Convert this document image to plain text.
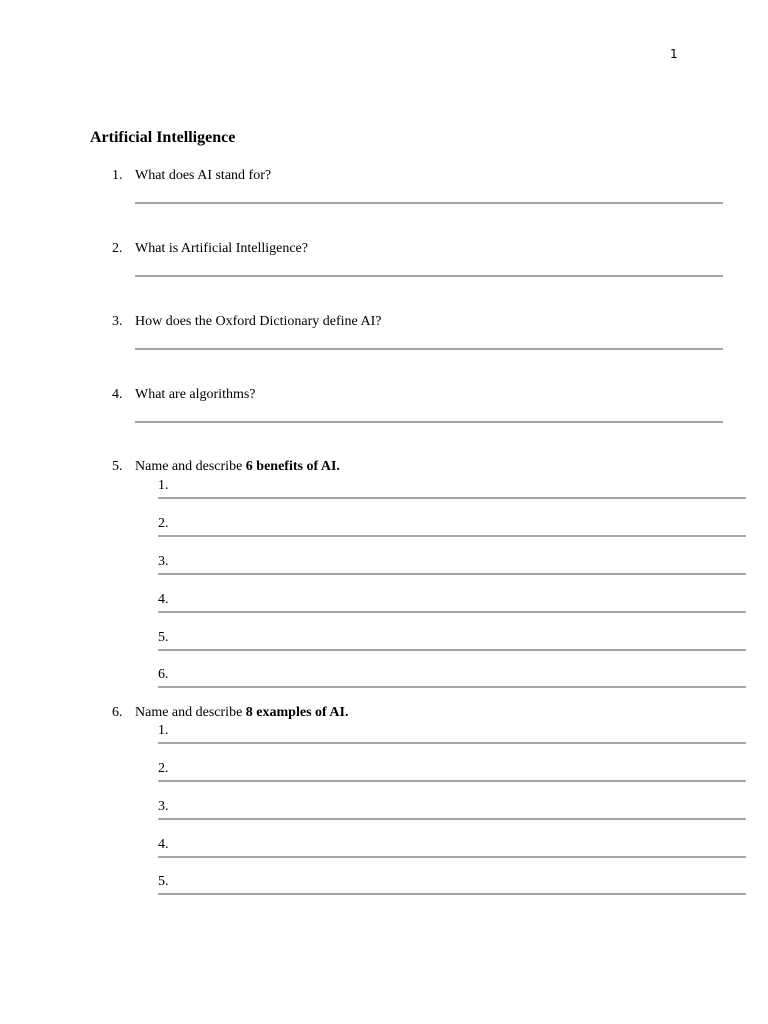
1
Artificial Intelligence
1. What does AI stand for?
2. What is Artificial Intelligence?
3. How does the Oxford Dictionary define AI?
4. What are algorithms?
5. Name and describe 6 benefits of AI.
1.
2.
3.
4.
5.
6.
6. Name and describe 8 examples of AI.
1.
2.
3.
4.
5.
